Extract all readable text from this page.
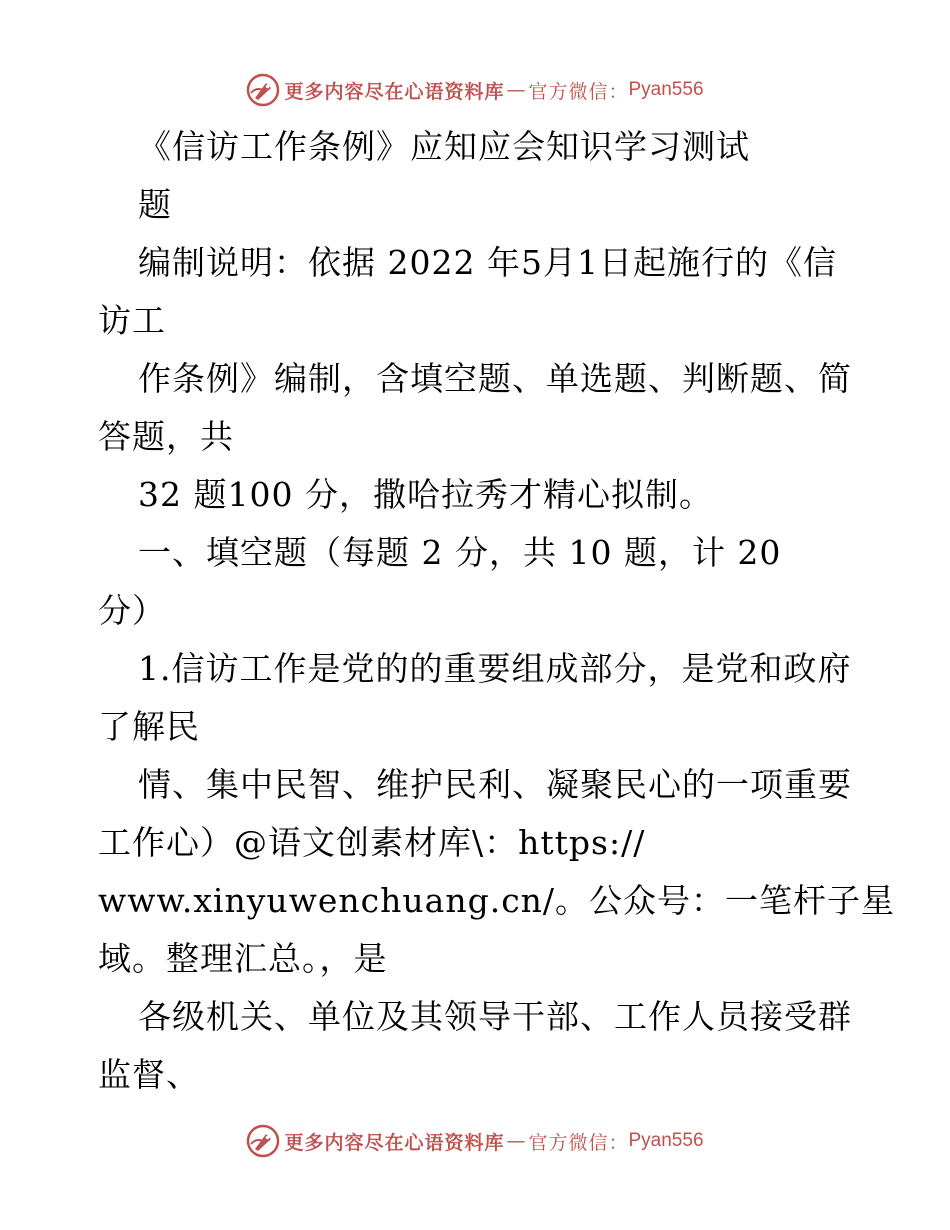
更多内容尽在心语资料库 — 官方微信： Pyan556
《信访工作条例》应知应会知识学习测试
题
编制说明：依据 2022 年5月1日起施行的《信
访工
作条例》编制，含填空题、单选题、判断题、简
答题，共
32 题100 分，撒哈拉秀才精心拟制。
一、填空题（每题 2 分，共 10 题，计 20
分）
1.信访工作是党的的重要组成部分，是党和政府
了解民
情、集中民智、维护民利、凝聚民心的一项重要
工作心）@语文创素材库\：https://
www.xinyuwenchuang.cn/。公众号：一笔杆子星
域。整理汇总。，是
各级机关、单位及其领导干部、工作人员接受群
监督、
更多内容尽在心语资料库 — 官方微信： Pyan556
